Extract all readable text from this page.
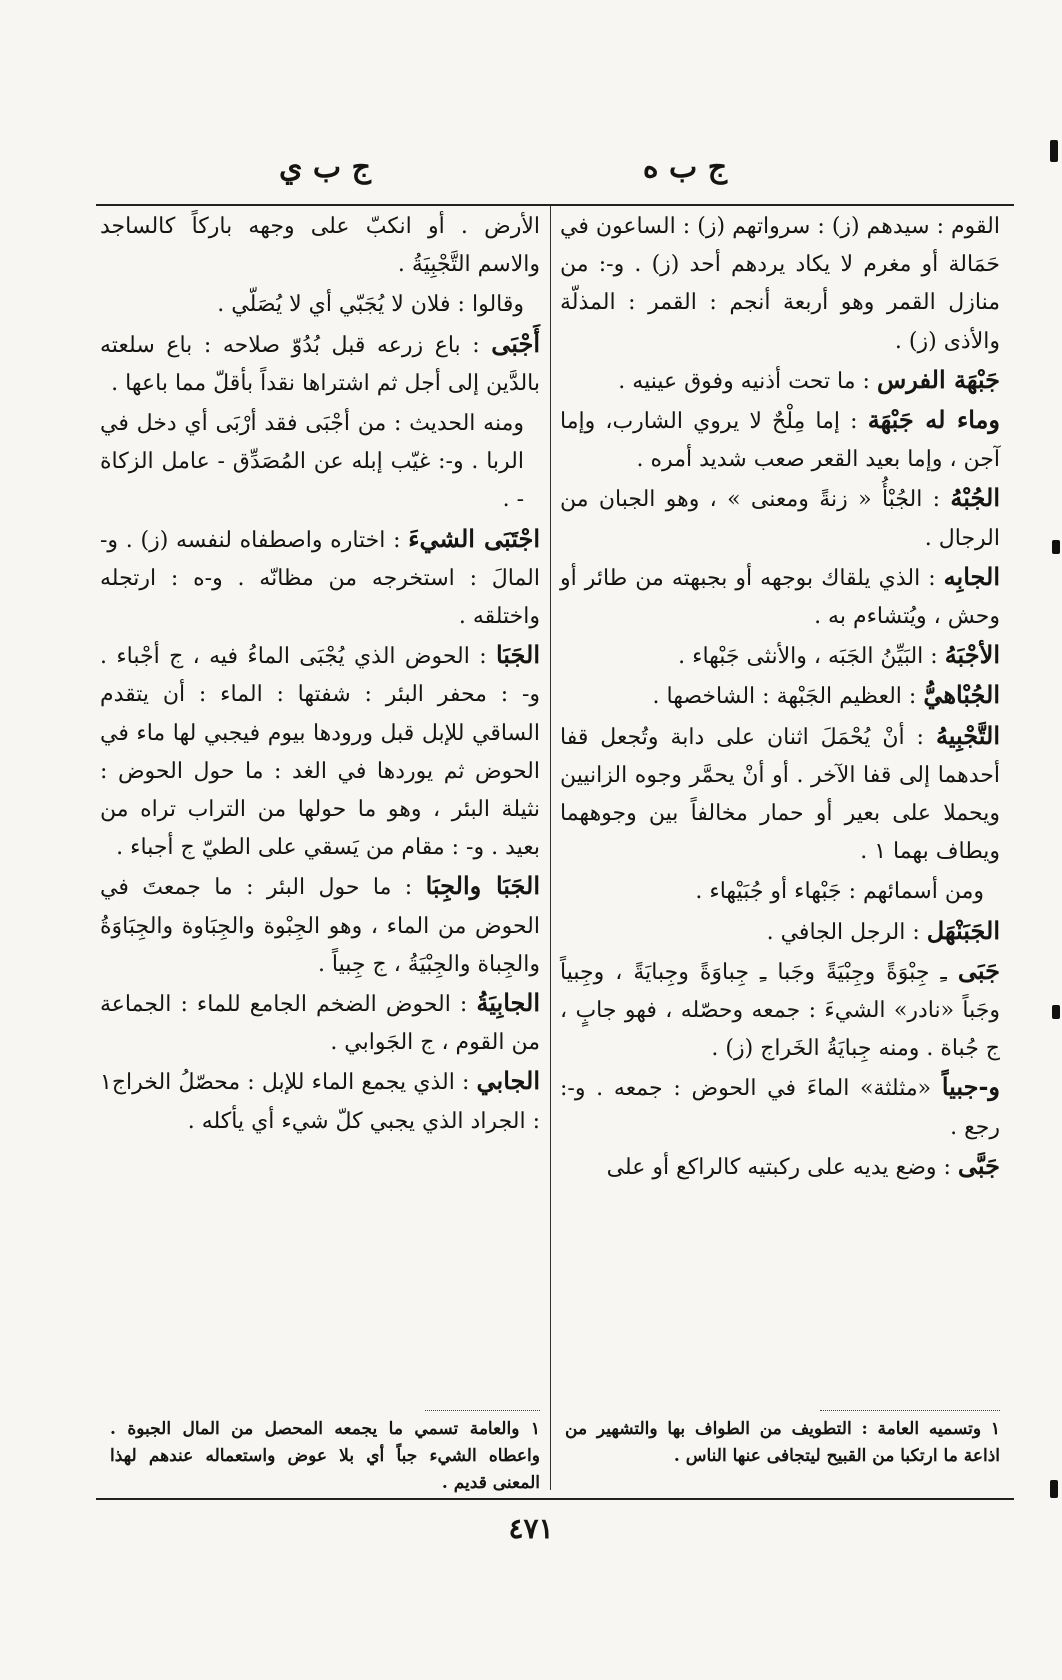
ج ب ه
ج ب ي

القوم : سيدهم (ز) : سرواتهم (ز) : الساعون في حَمَالة أو مغرم لا يكاد يردهم أحد (ز) . و-: من منازل القمر وهو أربعة أنجم : القمر : المذلّة والأذى (ز) .

جَبْهَة الفرس : ما تحت أذنيه وفوق عينيه .

وماء له جَبْهَة : إما مِلْحٌ لا يروي الشارب، وإما آجن ، وإما بعيد القعر صعب شديد أمره .

الجُبْهُ : الجُبْأُ « زنةً ومعنى » ، وهو الجبان من الرجال .

الجابِه : الذي يلقاك بوجهه أو بجبهته من طائر أو وحش ، ويُتشاءم به .

الأجْبَهُ : البَيِّنُ الجَبَه ، والأنثى جَبْهاء .

الجُبْاهيُّ : العظيم الجَبْهة : الشاخصها .

التَّجْبِيهُ : أنْ يُحْمَلَ اثنان على دابة وتُجعل قفا أحدهما إلى قفا الآخر . أو أنْ يحمَّر وجوه الزانيين ويحملا على بعير أو حمار مخالفاً بين وجوههما ويطاف بهما ١ .

ومن أسمائهم : جَبْهاء أو جُبَيْهاء .

الجَبَنْهَل : الرجل الجافي .

جَبَى ـِ جِبْوَةً وجِبْيَةً وجَبا ـِ جِباوَةً وجِبايَةً ، وجِبياً وجَباً «نادر» الشيءَ : جمعه وحصّله ، فهو جابٍ ، ج جُباة . ومنه جِبايَةُ الخَراج (ز) .

و-جبياً «مثلثة» الماءَ في الحوض : جمعه . و-: رجع .

جَبَّى : وضع يديه على ركبتيه كالراكع أو على

الأرض . أو انكبّ على وجهه باركاً كالساجد والاسم التَّجْبِيَةُ .

وقالوا : فلان لا يُجَبّي أي لا يُصَلّي .

أَجْبَى : باع زرعه قبل بُدُوّ صلاحه : باع سلعته بالدَّين إلى أجل ثم اشتراها نقداً بأقلّ مما باعها .

ومنه الحديث : من أجْبَى فقد أرْبَى أي دخل في الربا . و-: غيّب إبله عن المُصَدِّق - عامل الزكاة - .

اجْتَبَى الشيءَ : اختاره واصطفاه لنفسه (ز) . و- المالَ : استخرجه من مظانّه . و-ه : ارتجله واختلقه .

الجَبَا : الحوض الذي يُجْبَى الماءُ فيه ، ج أجْباء . و- : محفر البئر : شفتها : الماء : أن يتقدم الساقي للإبل قبل ورودها بيوم فيجبي لها ماء في الحوض ثم يوردها في الغد : ما حول الحوض : نثيلة البئر ، وهو ما حولها من التراب تراه من بعيد . و- : مقام من يَسقي على الطيّ ج أجباء .

الجَبَا والجِبَا : ما حول البئر : ما جمعتَ في الحوض من الماء ، وهو الجِبْوة والجِبَاوة والجِبَاوَةُ والجِباة والجِبْيَةُ ، ج جِبياً .

الجابِيَةُ : الحوض الضخم الجامع للماء : الجماعة من القوم ، ج الجَوابي .

الجابي : الذي يجمع الماء للإبل : محصّلُ الخراج١ : الجراد الذي يجبي كلّ شيء أي يأكله .

١ وتسميه العامة : التطويف من الطواف بها والتشهير من اذاعة ما ارتكبا من القبيح ليتجافى عنها الناس .
١ والعامة تسمي ما يجمعه المحصل من المال الجبوة . واعطاه الشيء جباً أي بلا عوض واستعماله عندهم لهذا المعنى قديم .
٤٧١
